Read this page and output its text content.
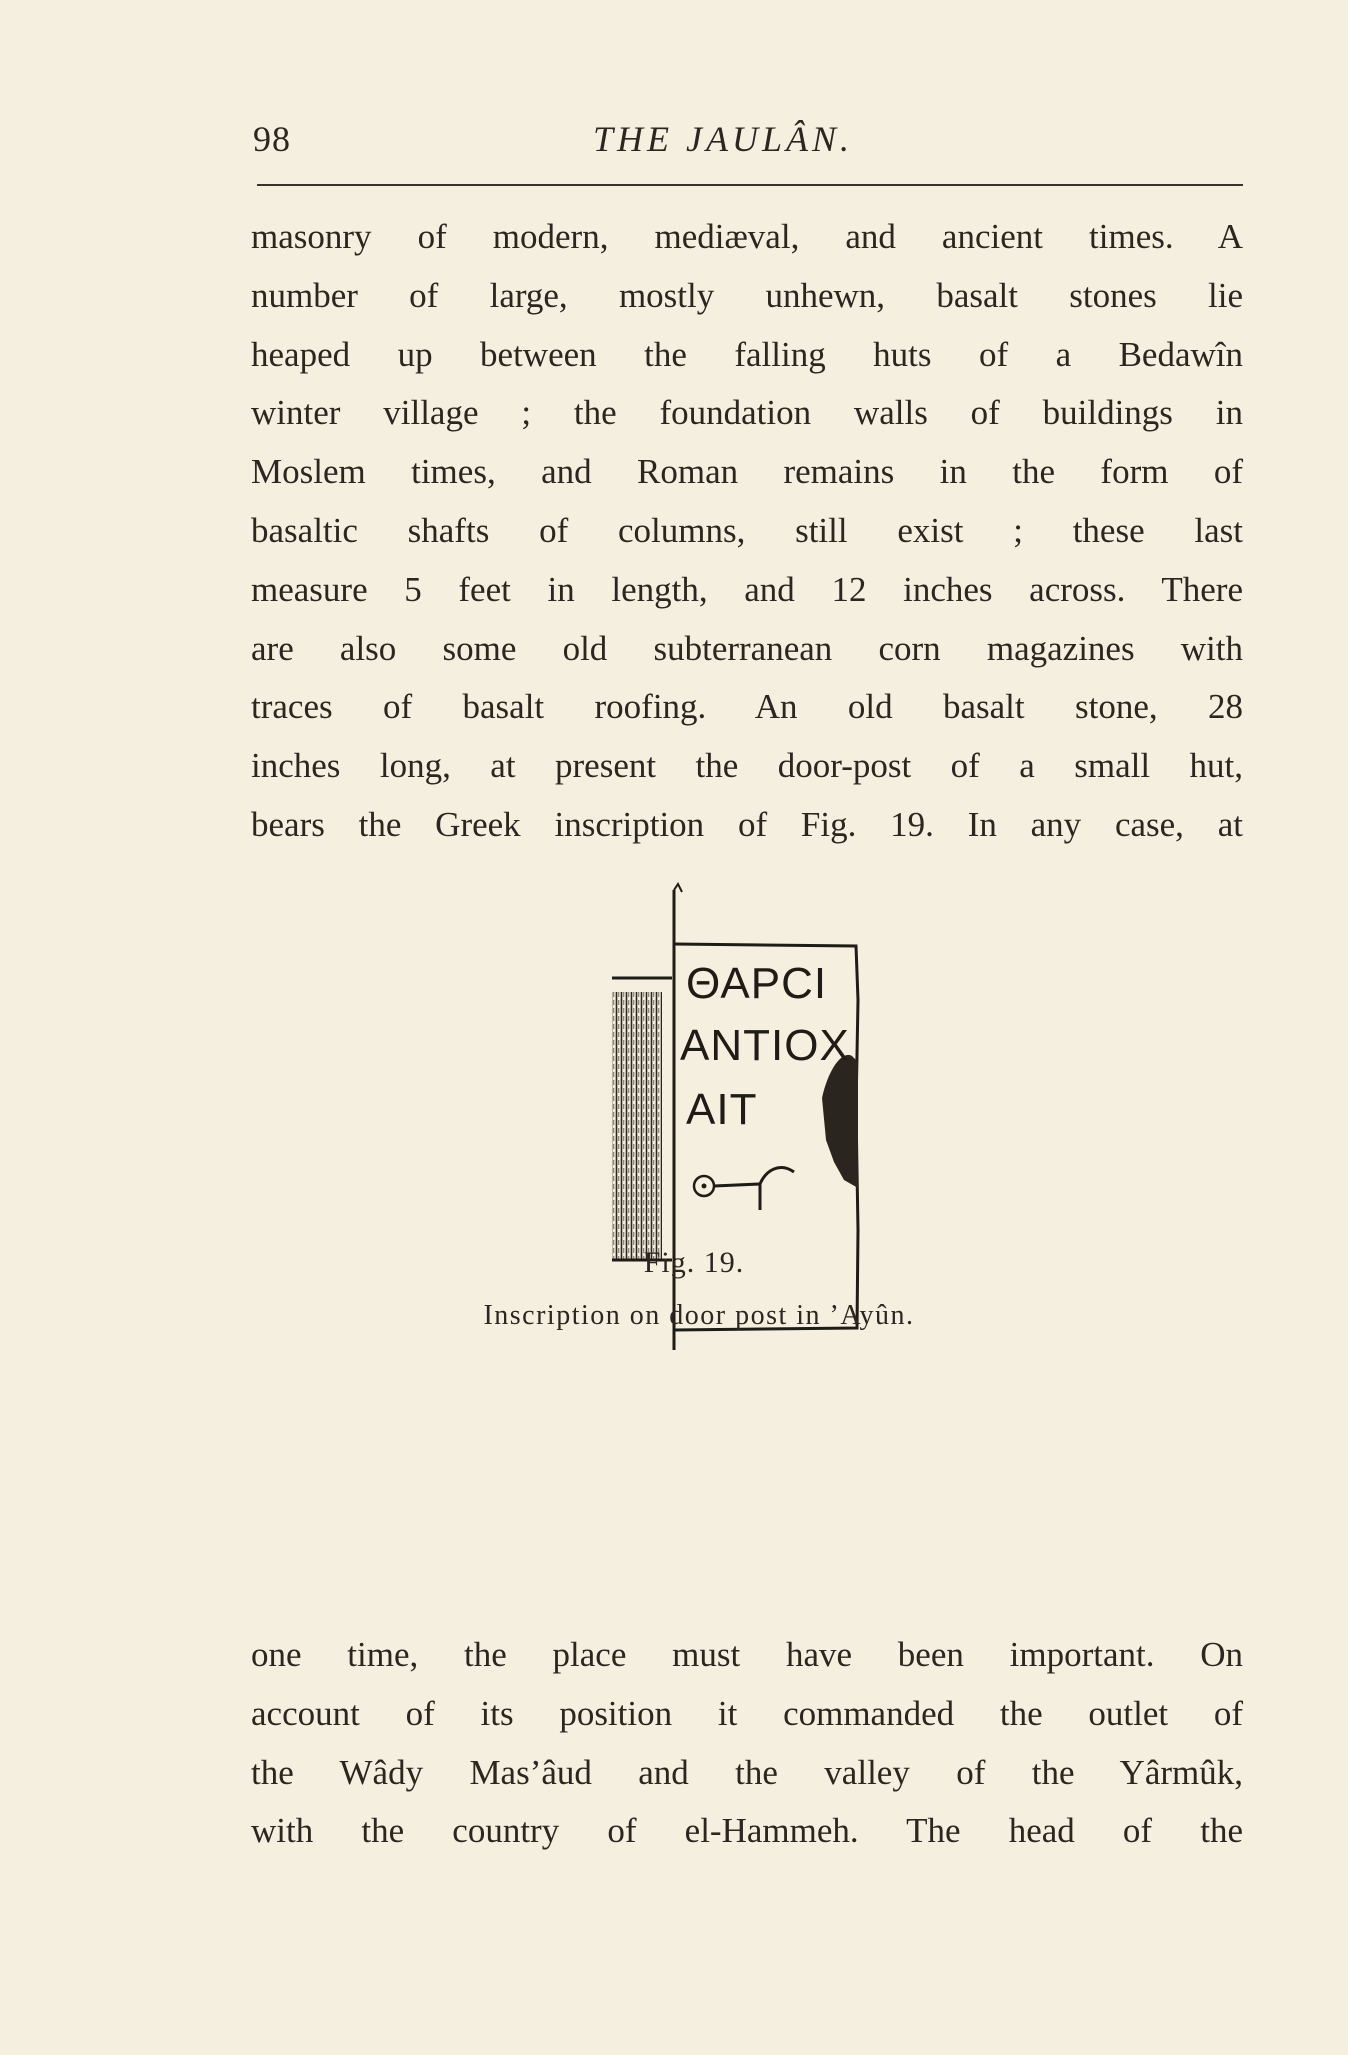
98	THE JAULÂN.
masonry of modern, mediæval, and ancient times. A
number of large, mostly unhewn, basalt stones lie
heaped up between the falling huts of a Bedawîn
winter village ; the foundation walls of buildings in
Moslem times, and Roman remains in the form of
basaltic shafts of columns, still exist ; these last
measure 5 feet in length, and 12 inches across. There
are also some old subterranean corn magazines with
traces of basalt roofing. An old basalt stone, 28
inches long, at present the door-post of a small hut,
bears the Greek inscription of Fig. 19. In any case, at
ΘΑΡCΙ
ΑΝΤΙΟΧ
ΑΙΤ
Fig. 19.
Inscription on door post in ’Ayûn.
one time, the place must have been important. On
account of its position it commanded the outlet of
the Wâdy Mas’âud and the valley of the Yârmûk,
with the country of el-Hammeh. The head of the
